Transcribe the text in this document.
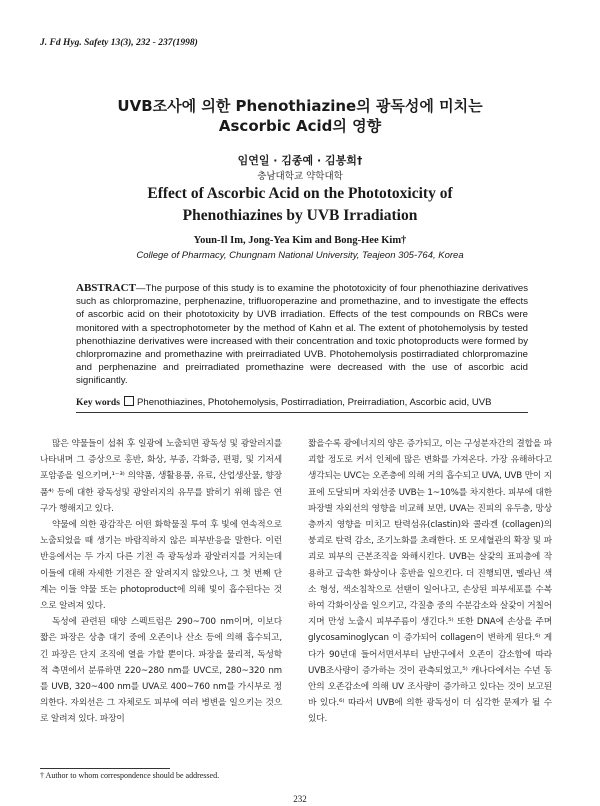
J. Fd Hyg. Safety 13(3), 232 - 237(1998)
UVB조사에 의한 Phenothiazine의 광독성에 미치는
Ascorbic Acid의 영향
임연일 · 김종예 · 김봉희†
충남대학교 약학대학
Effect of Ascorbic Acid on the Phototoxicity of
Phenothiazines by UVB Irradiation
Youn-Il Im, Jong-Yea Kim and Bong-Hee Kim†
College of Pharmacy, Chungnam National University, Teajeon 305-764, Korea
ABSTRACT—The purpose of this study is to examine the phototoxicity of four phenothiazine derivatives such as chlorpromazine, perphenazine, trifluoroperazine and promethazine, and to investigate the effects of ascorbic acid on their phototoxicity by UVB irradiation. Effects of the test compounds on RBCs were monitored with a spectrophotometer by the method of Kahn et al. The extent of photohemolysis by tested phenothiazine derivatives were increased with their concentration and toxic photoproducts were formed by chlorpromazine and promethazine with preirradiated UVB. Photohemolysis postirradiated chlorpromazine and perphenazine and preirradiated promethazine were decreased with the use of ascorbic acid significantly.
Key words Phenothiazines, Photohemolysis, Postirradiation, Preirradiation, Ascorbic acid, UVB

많은 약물들이 섭취 후 일광에 노출되면 광독성 및 광알러지를 나타내며 그 증상으로 홍반, 화상, 부종, 각화증, 편평, 및 기저세포암종을 일으키며,¹⁻³⁾ 의약품, 생활용품, 유료, 산업생산물, 향장품⁴⁾ 등에 대한 광독성및 광알러지의 유무를 밝히기 위해 많은 연구가 행해지고 있다.

약물에 의한 광감작은 어떤 화학물질 투여 후 빛에 연속적으로 노출되었을 때 생기는 바람직하지 않은 피부반응을 말한다. 이런 반응에서는 두 가지 다른 기전 즉 광독성과 광알러지를 거치는데 이들에 대해 자세한 기전은 잘 알려지지 않았으나, 그 첫 번째 단계는 이들 약물 또는 photoproduct에 의해 빛이 흡수된다는 것으로 알려져 있다.

독성에 관련된 태양 스펙트럼은 290~700 nm이며, 이보다 짧은 파장은 상층 대기 중에 오존이나 산소 등에 의해 흡수되고, 긴 파장은 단지 조직에 열을 가할 뿐이다. 파장을 물리적, 독성학적 측면에서 분류하면 220~280 nm를 UVC로, 280~320 nm를 UVB, 320~400 nm를 UVA로 400~760 nm를 가시부로 정의한다. 자외선은 그 자체로도 피부에 여러 병변을 일으키는 것으로 알려져 있다. 파장이

짧을수록 광에너지의 양은 증가되고, 이는 구성분자간의 결합을 파괴할 정도로 커서 인체에 많은 변화를 가져온다. 가장 유해하다고 생각되는 UVC는 오존층에 의해 거의 흡수되고 UVA, UVB 만이 지표에 도달되며 자외선중 UVB는 1~10%를 차지한다. 피부에 대한 파장별 자외선의 영향을 비교해 보면, UVA는 진피의 유두층, 망상층까지 영향을 미치고 탄력섬유(clastin)와 콜라겐 (collagen)의 붕괴로 탄력 감소, 조기노화를 초래한다. 또 모세혈관의 확장 및 파괴로 피부의 근본조직을 와해시킨다. UVB는 살갗의 표피층에 작용하고 급속한 화상이나 홍반을 일으킨다. 더 진행되면, 멜라닌 색소 형성, 색소침착으로 선탠이 일어나고, 손상된 피부세포를 수복하여 각화이상을 일으키고, 각질층 중의 수분감소와 살갗이 거칠어지며 만성 노출시 피부주름이 생긴다.⁵⁾ 또한 DNA에 손상을 주며 glycosaminoglycan 이 증가되어 collagen이 변하게 된다.⁶⁾ 게다가 90년대 들어서면서부터 남반구에서 오존이 감소함에 따라 UVB조사량이 증가하는 것이 관측되었고,⁵⁾ 캐나다에서는 수년 동안의 오존감소에 의해 UV 조사량이 증가하고 있다는 것이 보고된 바 있다.⁶⁾ 따라서 UVB에 의한 광독성이 더 심각한 문제가 될 수 있다.

† Author to whom correspondence should be addressed.
232
